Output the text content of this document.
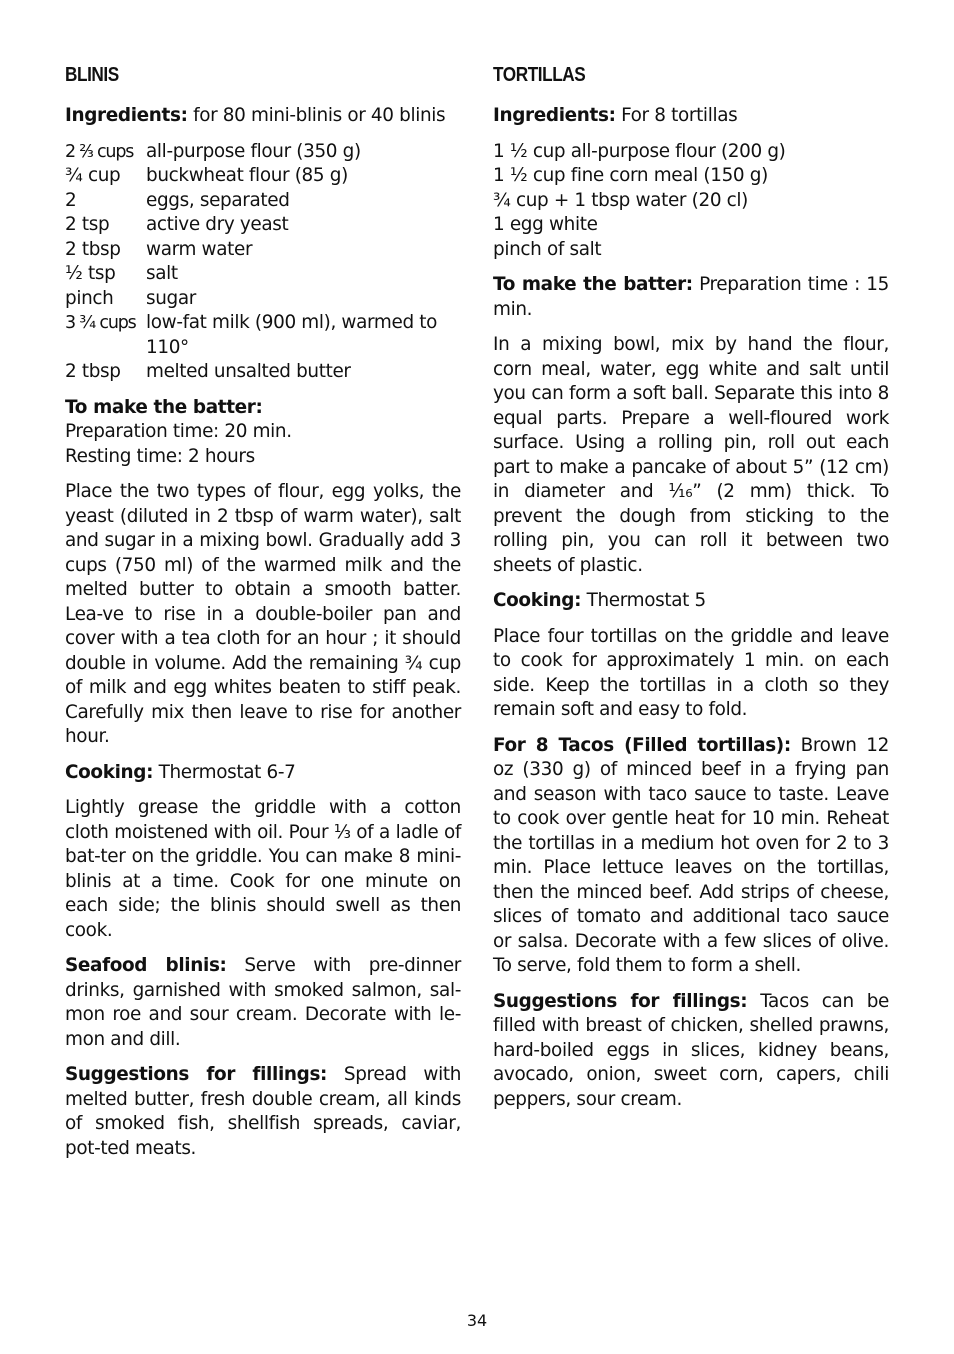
BLINIS

Ingredients: for 80 mini-blinis or 40 blinis

2 ²⁄₃ cups all-purpose flour (350 g)
¾ cup	buckwheat flour (85 g)
2	eggs, separated
2 tsp	active dry yeast
2 tbsp	warm water
½ tsp	salt
pinch	sugar
3 ¾ cups low-fat milk (900 ml), warmed to 110°
2 tbsp	melted unsalted butter

To make the batter:
Preparation time: 20 min.
Resting time: 2 hours

Place the two types of flour, egg yolks, the yeast (diluted in 2 tbsp of warm water), salt and sugar in a mixing bowl. Gradually add 3 cups (750 ml) of the warmed milk and the melted butter to obtain a smooth batter. Lea-ve to rise in a double-boiler pan and cover with a tea cloth for an hour ; it should double in volume. Add the remaining ¾ cup of milk and egg whites beaten to stiff peak. Carefully mix then leave to rise for another hour.

Cooking: Thermostat 6-7

Lightly grease the griddle with a cotton cloth moistened with oil. Pour ¹⁄₃ of a ladle of bat-ter on the griddle. You can make 8 mini-blinis at a time. Cook for one minute on each side; the blinis should swell as then cook.

Seafood blinis: Serve with pre-dinner drinks, garnished with smoked salmon, sal-mon roe and sour cream. Decorate with le-mon and dill.

Suggestions for fillings: Spread with melted butter, fresh double cream, all kinds of smoked fish, shellfish spreads, caviar, pot-ted meats.

TORTILLAS

Ingredients: For 8 tortillas

1 ½ cup all-purpose flour (200 g)
1 ½ cup fine corn meal (150 g)
¾ cup + 1 tbsp water (20 cl)
1 egg white
pinch of salt

To make the batter: Preparation time : 15 min.

In a mixing bowl, mix by hand the flour, corn meal, water, egg white and salt until you can form a soft ball. Separate this into 8 equal parts. Prepare a well-floured work surface. Using a rolling pin, roll out each part to make a pancake of about 5” (12 cm) in diameter and ¹⁄₁₆” (2 mm) thick. To prevent the dough from sticking to the rolling pin, you can roll it between two sheets of plastic.

Cooking: Thermostat 5

Place four tortillas on the griddle and leave to cook for approximately 1 min. on each side. Keep the tortillas in a cloth so they remain soft and easy to fold.

For 8 Tacos (Filled tortillas): Brown 12 oz (330 g) of minced beef in a frying pan and season with taco sauce to taste. Leave to cook over gentle heat for 10 min. Reheat the tortillas in a medium hot oven for 2 to 3 min. Place lettuce leaves on the tortillas, then the minced beef. Add strips of cheese, slices of tomato and additional taco sauce or salsa. Decorate with a few slices of olive. To serve, fold them to form a shell.

Suggestions for fillings: Tacos can be filled with breast of chicken, shelled prawns, hard-boiled eggs in slices, kidney beans, avocado, onion, sweet corn, capers, chili peppers, sour cream.

34
